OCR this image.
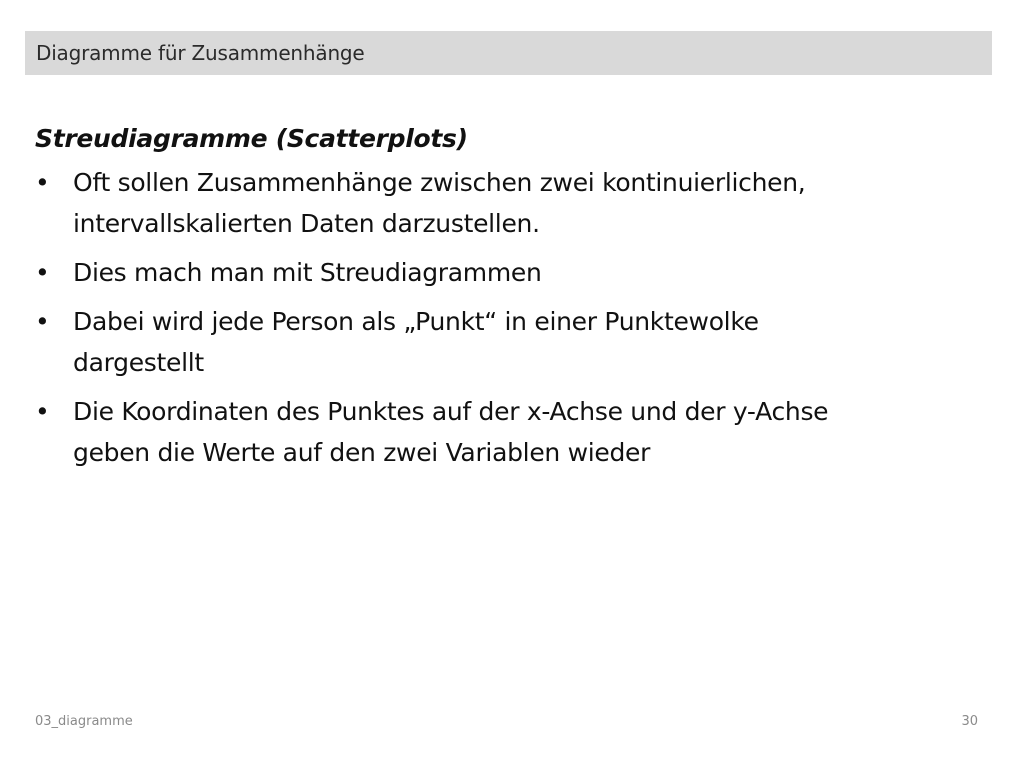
Diagramme für Zusammenhänge
Streudiagramme (Scatterplots)
• Oft sollen Zusammenhänge zwischen zwei kontinuierlichen,
intervallskalierten Daten darzustellen.
• Dies mach man mit Streudiagrammen
• Dabei wird jede Person als „Punkt“ in einer Punktewolke
dargestellt
• Die Koordinaten des Punktes auf der x-Achse und der y-Achse
geben die Werte auf den zwei Variablen wieder
03_diagramme	30
